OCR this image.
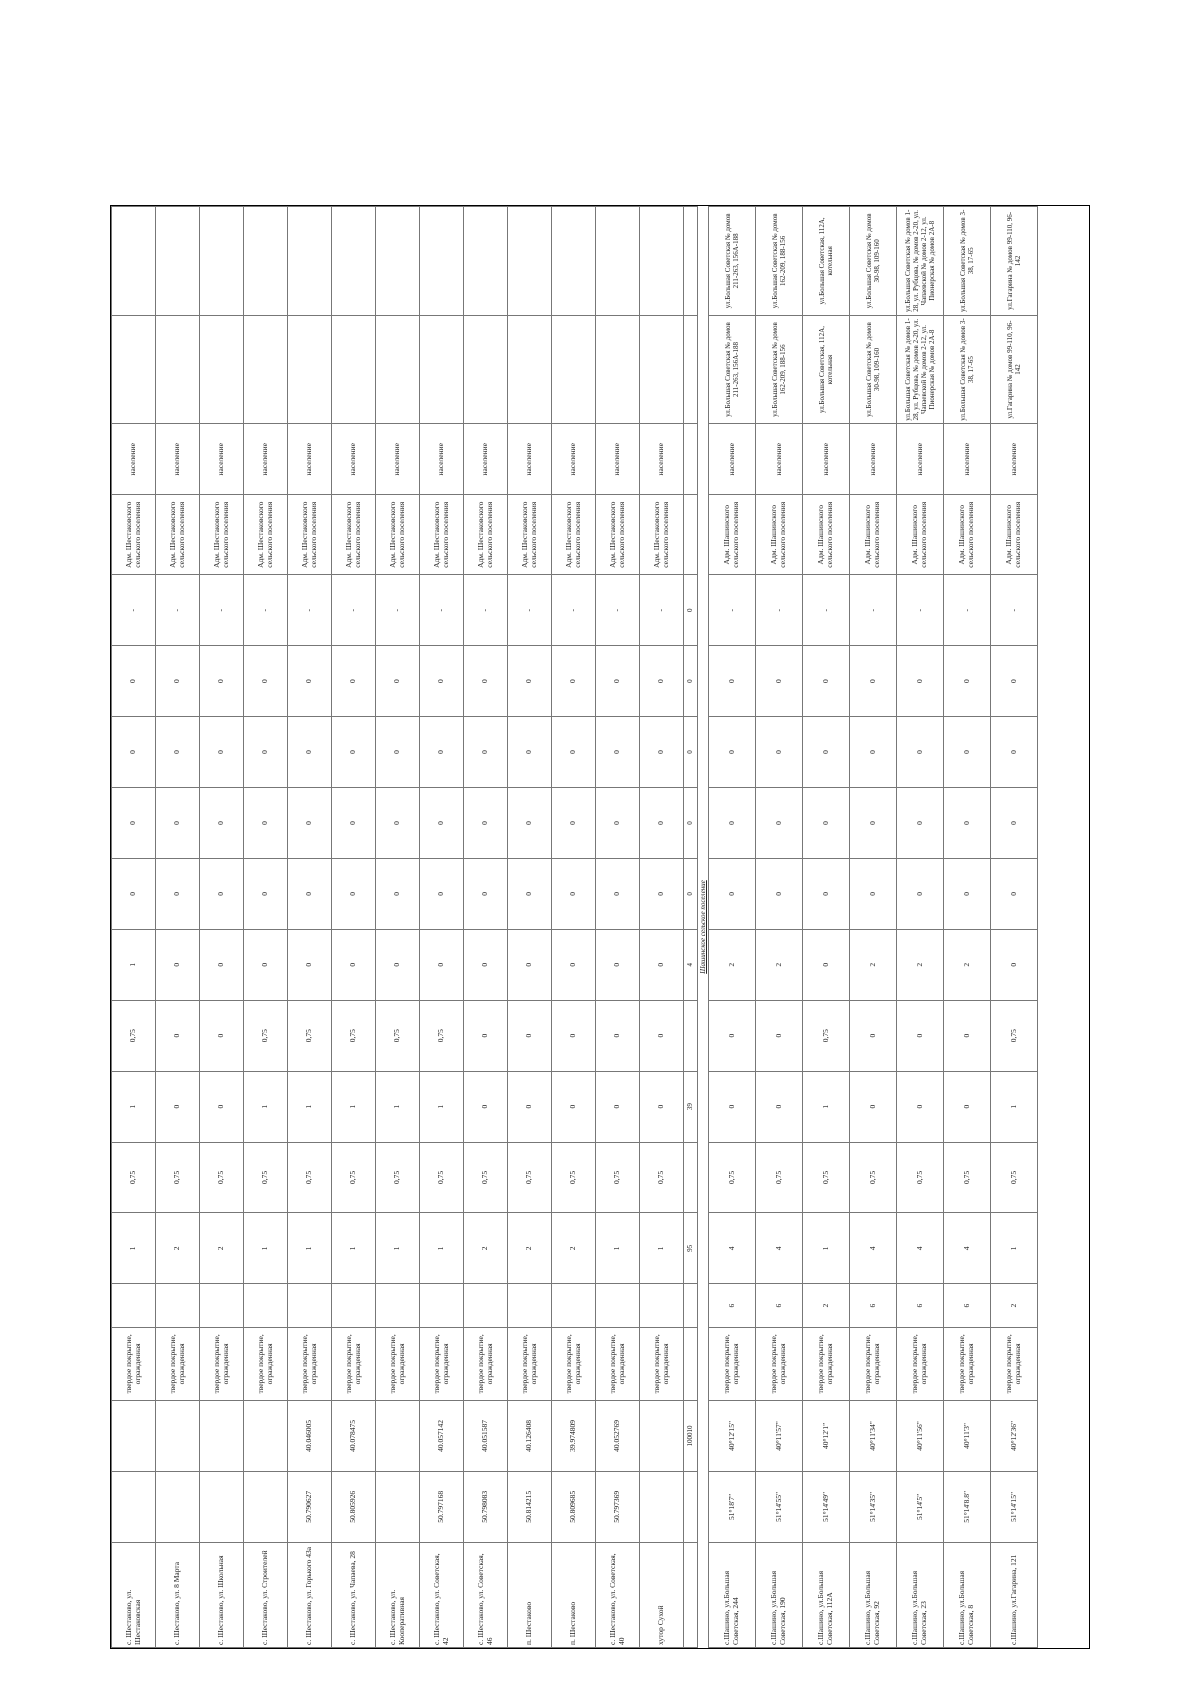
с. Шестаково, ул. Шестаковская			твердое покрытие, огражденная		1	0,75	1	0,75	1	0	0	0	0	-	Адм. Шестаковского сельского поселения	население		
с. Шестаково, ул. 8 Марта			твердое покрытие, огражденная		2	0,75	0	0	0	0	0	0	0	-	Адм. Шестаковского сельского поселения	население		
с. Шестаково, ул. Школьная			твердое покрытие, огражденная		2	0,75	0	0	0	0	0	0	0	-	Адм. Шестаковского сельского поселения	население		
с. Шестаково, ул. Строителей			твердое покрытие, огражденная		1	0,75	1	0,75	0	0	0	0	0	-	Адм. Шестаковского сельского поселения	население		
с. Шестаково, ул. Горького 43а	50.790627	40.046005	твердое покрытие, огражденная		1	0,75	1	0,75	0	0	0	0	0	-	Адм. Шестаковского сельского поселения	население		
с. Шестаково, ул. Чапаева, 28	50.805926	40.078475	твердое покрытие, огражденная		1	0,75	1	0,75	0	0	0	0	0	-	Адм. Шестаковского сельского поселения	население		
с. Шестаково, ул. Кооперативная			твердое покрытие, огражденная		1	0,75	1	0,75	0	0	0	0	0	-	Адм. Шестаковского сельского поселения	население		
с. Шестаково, ул. Советская, 42	50.797168	40.057142	твердое покрытие, огражденная		1	0,75	1	0,75	0	0	0	0	0	-	Адм. Шестаковского сельского поселения	население		
с. Шестаково, ул. Советская, 46	50.798083	40.051587	твердое покрытие, огражденная		2	0,75	0	0	0	0	0	0	0	-	Адм. Шестаковского сельского поселения	население		
п. Шестаково	50.814215	40.126408	твердое покрытие, огражденная		2	0,75	0	0	0	0	0	0	0	-	Адм. Шестаковского сельского поселения	население		
п. Шестаково	50.809685	39.974809	твердое покрытие, огражденная		2	0,75	0	0	0	0	0	0	0	-	Адм. Шестаковского сельского поселения	население		
с. Шестаково, ул. Советская, 40	50.797369	40.052769	твердое покрытие, огражденная		1	0,75	0	0	0	0	0	0	0	-	Адм. Шестаковского сельского поселения	население		
хутор Сухой			твердое покрытие, огражденная		1	0,75	0	0	0	0	0	0	0	-	Адм. Шестаковского сельского поселения	население		
		100010			95		39		4	0	0	0	0	0				
Шашинское сельское поселение																		
с.Шашино, ул.Большая Советская, 244	51°18'7"	40°12'15"	твердое покрытие, огражденная	6	4	0,75	0	0	2	0	0	0	0	-	Адм. Шашинского сельского поселения	население	ул.Большая Советская № домов 211-263, 156А-188	ул.Большая Советская № домов 211-263, 156А-188
с.Шашино, ул.Большая Советская, 190	51°14'55"	40°11'57"	твердое покрытие, огражденная	6	4	0,75	0	0	2	0	0	0	0	-	Адм. Шашинского сельского поселения	население	ул.Большая Советская № домов 162-209, 188-156	ул.Большая Советская № домов 162-209, 188-156
с.Шашино, ул.Большая Советская, 112А	51°14'49"	40°12'1"	твердое покрытие, огражденная	2	1	0,75	1	0,75	0	0	0	0	0	-	Адм. Шашинского сельского поселения	население	ул.Большая Советская, 112А, котельная	ул.Большая Советская, 112А, котельная
с.Шашино, ул.Большая Советская, 92	51°14'35"	40°11'34"	твердое покрытие, огражденная	6	4	0,75	0	0	2	0	0	0	0	-	Адм. Шашинского сельского поселения	население	ул.Большая Советская № домов 30-98, 109-160	ул.Большая Советская № домов 30-98, 109-160
с.Шашино, ул.Большая Советская, 23	51°14'5"	40°11'56"	твердое покрытие, огражденная	6	4	0,75	0	0	2	0	0	0	0	-	Адм. Шашинского сельского поселения	население	ул.Большая Советская № домов 1-28, ул. Рубцова, № домов 2-20, ул. Чапаевской № домов 2-12, ул. Пионерская № домов 2А-8	ул.Большая Советская № домов 1-28, ул. Рубцова, № домов 2-20, ул. Чапаевской № домов 2-12, ул. Пионерская № домов 2А-8
с.Шашино, ул.Большая Советская, 8	51°14'8.8"	40°11'3"	твердое покрытие, огражденная	6	4	0,75	0	0	2	0	0	0	0	-	Адм. Шашинского сельского поселения	население	ул.Большая Советская № домов 3-38, 17-65	ул.Большая Советская № домов 3-38, 17-65
с.Шашино, ул.Гагарина, 121	51°14'15"	40°12'36"	твердое покрытие, огражденная	2	1	0,75	1	0,75	0	0	0	0	0	-	Адм. Шашинского сельского поселения	население	ул.Гагарина № домов 99-110, 96-142	ул.Гагарина № домов 99-110, 96-142
